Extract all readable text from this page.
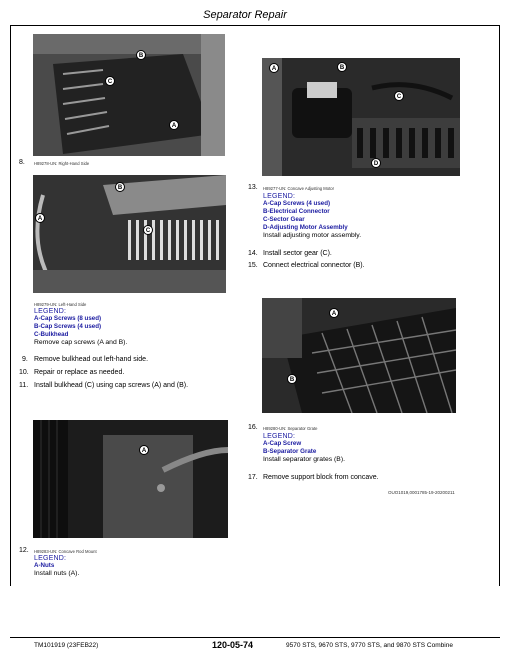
Separator Repair
B
C
A
8. H89278-UN: Right-Hand Side
A	B
C
D
13. H89277-UN: Concave Adjusting Motor
LEGEND:
A-Cap Screws (4 used)
B-Electrical Connector
C-Sector Gear
D-Adjusting Motor Assembly
Install adjusting motor assembly.
14. Install sector gear (C).
15. Connect electrical connector (B).
B
A
C
H89279-UN: Left-Hand Side
LEGEND:
A-Cap Screws (8 used)
B-Cap Screws (4 used)
C-Bulkhead
Remove cap screws (A and B).
9. Remove bulkhead out left-hand side.
10. Repair or replace as needed.
11. Install bulkhead (C) using cap screws (A) and (B).
A
B
16. H89280-UN: Separator Grate
LEGEND:
A-Cap Screw
B-Separator Grate
Install separator grates (B).
17. Remove support block from concave.
OUO1019,0001785-19-20200211
A
12. H89283-UN: Concave Rod Mount
LEGEND:
A-Nuts
Install nuts (A).
TM101919 (23FEB22)	120-05-74	9570 STS, 9670 STS, 9770 STS, and 9870 STS Combine
